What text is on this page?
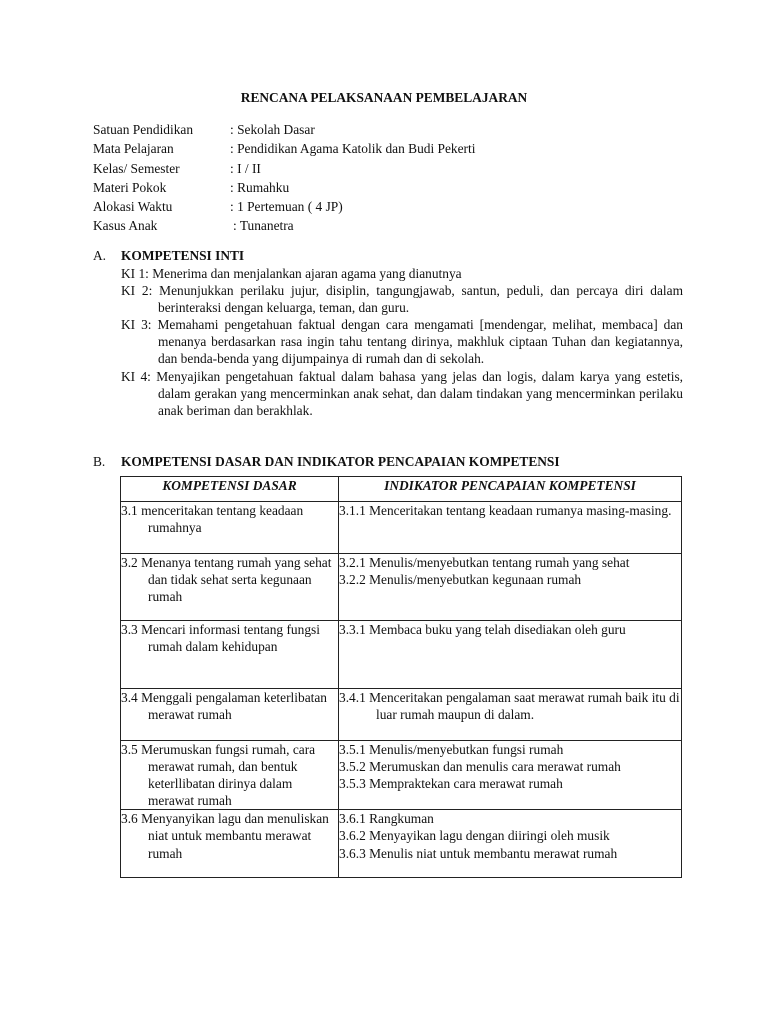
RENCANA PELAKSANAAN PEMBELAJARAN
Satuan Pendidikan	: Sekolah Dasar
Mata Pelajaran	: Pendidikan Agama Katolik dan Budi Pekerti
Kelas/ Semester	: I / II
Materi Pokok	: Rumahku
Alokasi Waktu	: 1 Pertemuan ( 4 JP)
Kasus Anak	: Tunanetra
A. KOMPETENSI INTI
KI 1: Menerima dan menjalankan ajaran agama yang dianutnya
KI 2: Menunjukkan perilaku jujur, disiplin, tangungjawab, santun, peduli, dan percaya diri dalam berinteraksi dengan keluarga, teman, dan guru.
KI 3: Memahami pengetahuan faktual dengan cara mengamati [mendengar, melihat, membaca] dan menanya berdasarkan rasa ingin tahu tentang dirinya, makhluk ciptaan Tuhan dan kegiatannya, dan benda-benda yang dijumpainya di rumah dan di sekolah.
KI 4: Menyajikan pengetahuan faktual dalam bahasa yang jelas dan logis, dalam karya yang estetis, dalam gerakan yang mencerminkan anak sehat, dan dalam tindakan yang mencerminkan perilaku anak beriman dan berakhlak.
B. KOMPETENSI DASAR DAN INDIKATOR PENCAPAIAN KOMPETENSI
KOMPETENSI DASAR	INDIKATOR PENCAPAIAN KOMPETENSI

3.1 menceritakan tentang keadaan rumahnya	3.1.1 Menceritakan tentang keadaan rumanya masing-masing.

3.2 Menanya tentang rumah yang sehat dan tidak sehat serta kegunaan rumah	3.2.1 Menulis/menyebutkan tentang rumah yang sehat
3.2.2 Menulis/menyebutkan kegunaan rumah

3.3 Mencari informasi tentang fungsi rumah dalam kehidupan	3.3.1 Membaca buku yang telah disediakan oleh guru

3.4 Menggali pengalaman keterlibatan merawat rumah	3.4.1 Menceritakan pengalaman saat merawat rumah baik itu di luar rumah maupun di dalam.

3.5 Merumuskan fungsi rumah, cara merawat rumah, dan bentuk keterllibatan dirinya dalam merawat rumah	3.5.1 Menulis/menyebutkan fungsi rumah
3.5.2 Merumuskan dan menulis cara merawat rumah
3.5.3 Mempraktekan cara merawat rumah

3.6 Menyanyikan lagu dan menuliskan niat untuk membantu merawat rumah	3.6.1 Rangkuman
3.6.2 Menyayikan lagu dengan diiringi oleh musik
3.6.3 Menulis niat untuk membantu merawat rumah
